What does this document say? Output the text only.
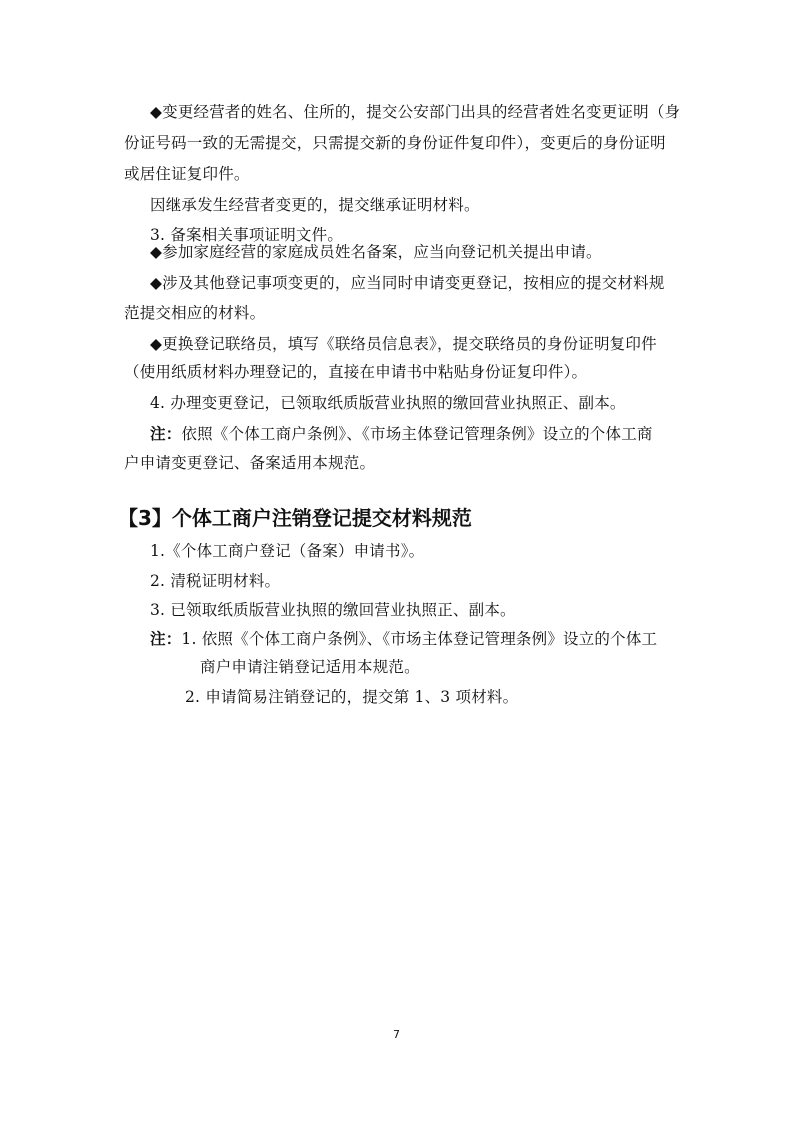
◆变更经营者的姓名、住所的，提交公安部门出具的经营者姓名变更证明（身
份证号码一致的无需提交，只需提交新的身份证件复印件），变更后的身份证明
或居住证复印件。
因继承发生经营者变更的，提交继承证明材料。
3. 备案相关事项证明文件。
◆参加家庭经营的家庭成员姓名备案，应当向登记机关提出申请。
◆涉及其他登记事项变更的，应当同时申请变更登记，按相应的提交材料规
范提交相应的材料。
◆更换登记联络员，填写《联络员信息表》，提交联络员的身份证明复印件
（使用纸质材料办理登记的，直接在申请书中粘贴身份证复印件）。
4. 办理变更登记，已领取纸质版营业执照的缴回营业执照正、副本。
注：依照《个体工商户条例》、《市场主体登记管理条例》设立的个体工商
户申请变更登记、备案适用本规范。
【3】个体工商户注销登记提交材料规范
1.《个体工商户登记（备案）申请书》。
2. 清税证明材料。
3. 已领取纸质版营业执照的缴回营业执照正、副本。
注：1. 依照《个体工商户条例》、《市场主体登记管理条例》设立的个体工
商户申请注销登记适用本规范。
2. 申请简易注销登记的，提交第 1、3 项材料。
7
